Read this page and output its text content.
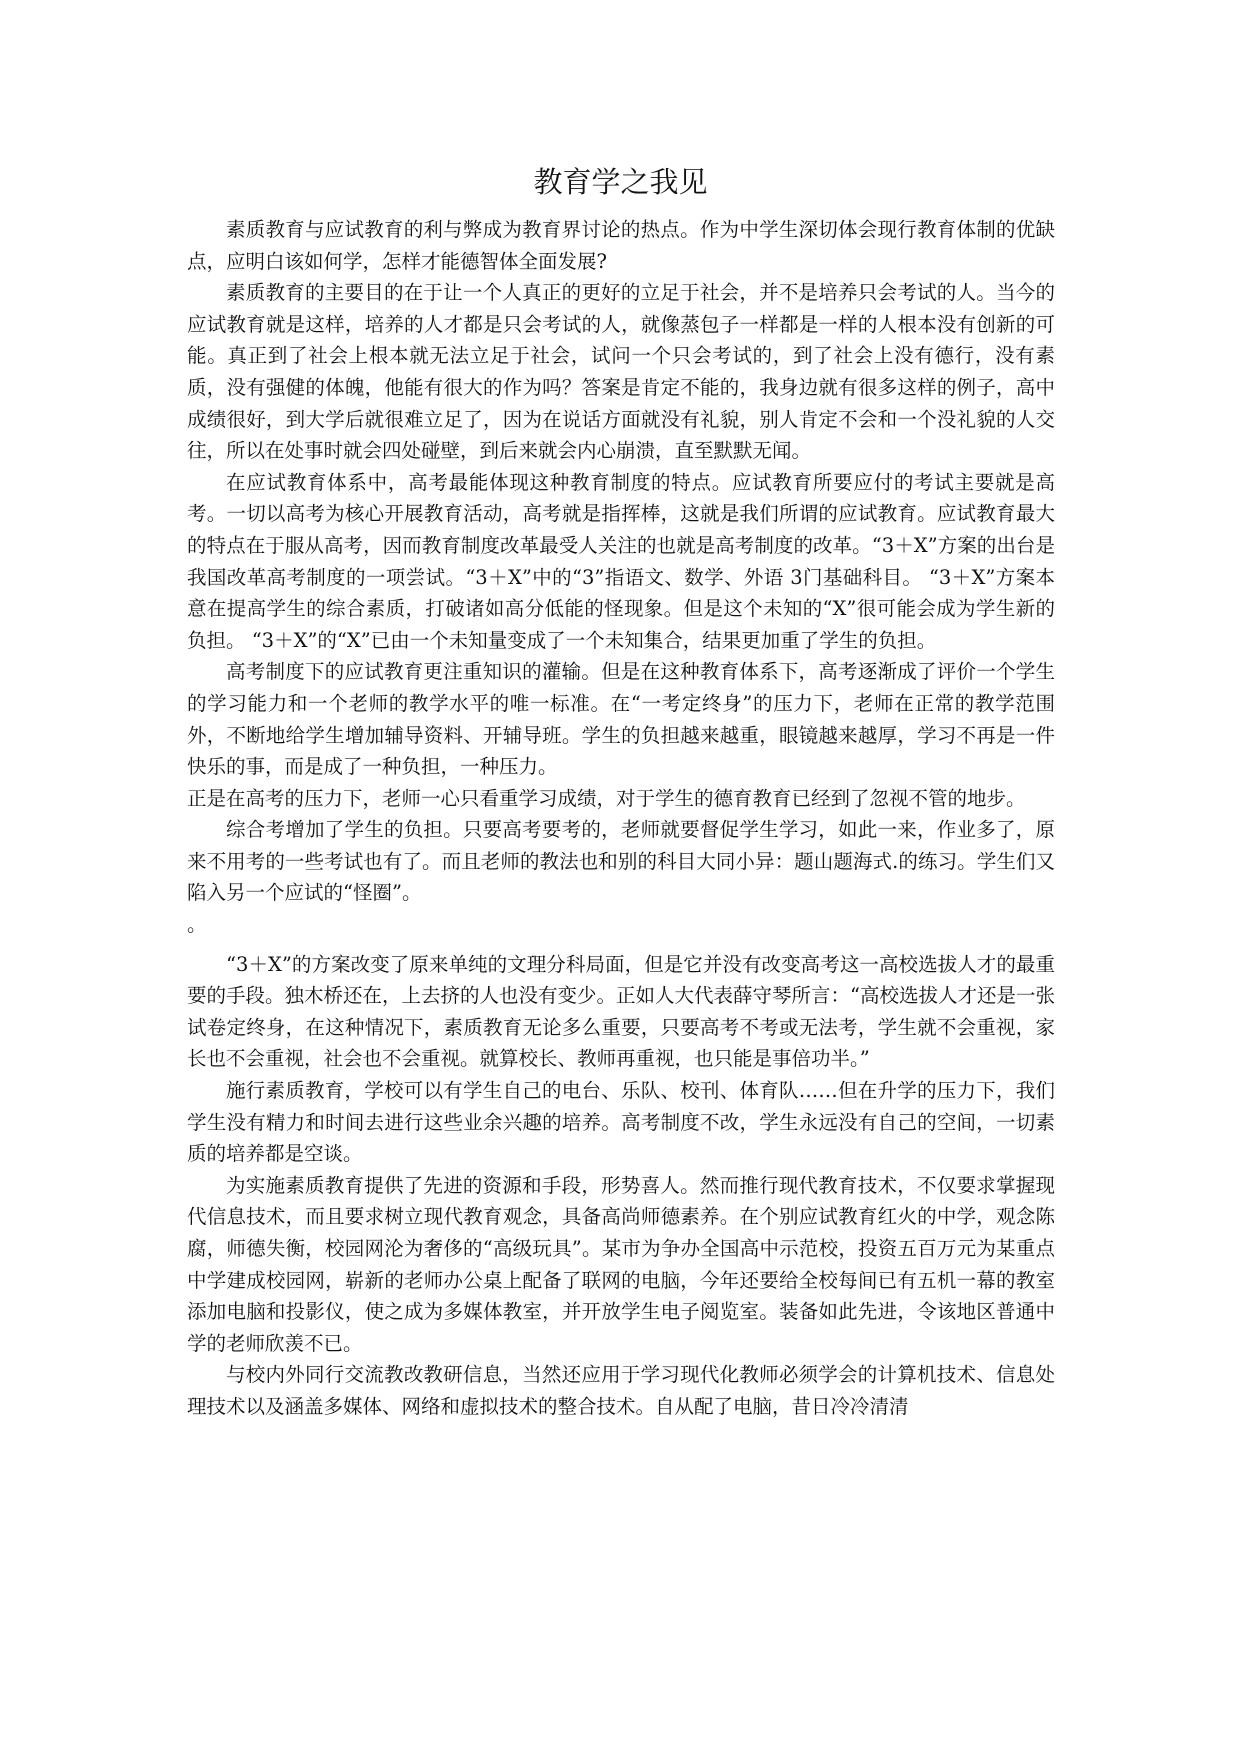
教育学之我见

素质教育与应试教育的利与弊成为教育界讨论的热点。作为中学生深切体会现行教育体制的优缺点，应明白该如何学，怎样才能德智体全面发展?

素质教育的主要目的在于让一个人真正的更好的立足于社会，并不是培养只会考试的人。当今的应试教育就是这样，培养的人才都是只会考试的人，就像蒸包子一样都是一样的人根本没有创新的可能。真正到了社会上根本就无法立足于社会，试问一个只会考试的，到了社会上没有德行，没有素质，没有强健的体魄，他能有很大的作为吗？答案是肯定不能的，我身边就有很多这样的例子，高中成绩很好，到大学后就很难立足了，因为在说话方面就没有礼貌，别人肯定不会和一个没礼貌的人交往，所以在处事时就会四处碰壁，到后来就会内心崩溃，直至默默无闻。

在应试教育体系中，高考最能体现这种教育制度的特点。应试教育所要应付的考试主要就是高考。一切以高考为核心开展教育活动，高考就是指挥棒，这就是我们所谓的应试教育。应试教育最大的特点在于服从高考，因而教育制度改革最受人关注的也就是高考制度的改革。“3＋X”方案的出台是我国改革高考制度的一项尝试。“3＋X”中的“3”指语文、数学、外语 3门基础科目。 “3＋X”方案本意在提高学生的综合素质，打破诸如高分低能的怪现象。但是这个未知的“X”很可能会成为学生新的负担。 “3＋X”的“X”已由一个未知量变成了一个未知集合，结果更加重了学生的负担。

高考制度下的应试教育更注重知识的灌输。但是在这种教育体系下，高考逐渐成了评价一个学生的学习能力和一个老师的教学水平的唯一标准。在“一考定终身”的压力下，老师在正常的教学范围外，不断地给学生增加辅导资料、开辅导班。学生的负担越来越重，眼镜越来越厚，学习不再是一件快乐的事，而是成了一种负担，一种压力。

正是在高考的压力下，老师一心只看重学习成绩，对于学生的德育教育已经到了忽视不管的地步。

综合考增加了学生的负担。只要高考要考的，老师就要督促学生学习，如此一来，作业多了，原来不用考的一些考试也有了。而且老师的教法也和别的科目大同小异：题山题海式.的练习。学生们又陷入另一个应试的“怪圈”。

。

“3＋X”的方案改变了原来单纯的文理分科局面，但是它并没有改变高考这一高校选拔人才的最重要的手段。独木桥还在，上去挤的人也没有变少。正如人大代表薛守琴所言：“高校选拔人才还是一张试卷定终身，在这种情况下，素质教育无论多么重要，只要高考不考或无法考，学生就不会重视，家长也不会重视，社会也不会重视。就算校长、教师再重视，也只能是事倍功半。”

施行素质教育，学校可以有学生自己的电台、乐队、校刊、体育队……但在升学的压力下，我们学生没有精力和时间去进行这些业余兴趣的培养。高考制度不改，学生永远没有自己的空间，一切素质的培养都是空谈。

为实施素质教育提供了先进的资源和手段，形势喜人。然而推行现代教育技术，不仅要求掌握现代信息技术，而且要求树立现代教育观念，具备高尚师德素养。在个别应试教育红火的中学，观念陈腐，师德失衡，校园网沦为奢侈的“高级玩具”。某市为争办全国高中示范校，投资五百万元为某重点中学建成校园网，崭新的老师办公桌上配备了联网的电脑，今年还要给全校每间已有五机一幕的教室添加电脑和投影仪，使之成为多媒体教室，并开放学生电子阅览室。装备如此先进，令该地区普通中学的老师欣羡不已。

与校内外同行交流教改教研信息，当然还应用于学习现代化教师必须学会的计算机技术、信息处理技术以及涵盖多媒体、网络和虚拟技术的整合技术。自从配了电脑，昔日冷冷清清
